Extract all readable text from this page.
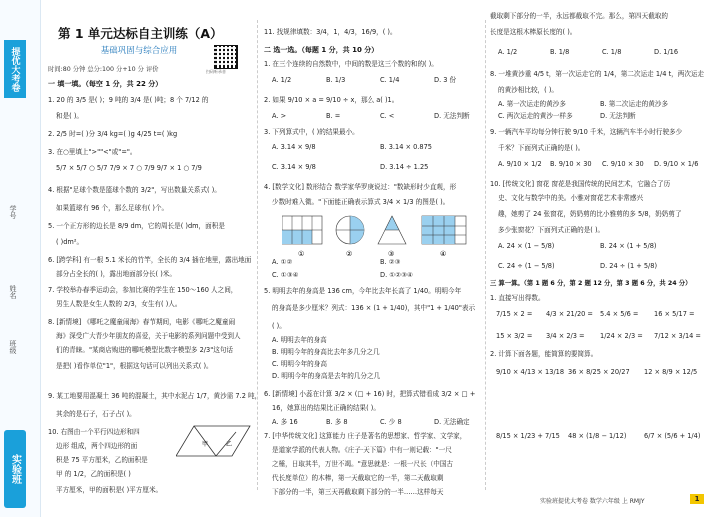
提优大考卷
学号
姓名
班级
实验班
第 1 单元达标自主训练（A）
基础巩固与综合应用
扫码听录音
时间:80 分钟 总分:100 分+10 分 评价
一 填一填。（每空 1 分，共 22 分）
1. 20 的 3/5 是( )；9 吨的 3/4 是( )吨；8 个 7/12 的
和是( )。
2. 2/5 时=( )分 3/4 kg=( )g 4/25 t=( )kg
3. 在○里填上">""<"或"="。
5/7 × 5/7 ○ 5/7 7/9 × 7 ○ 7/9 9/7 × 1 ○ 7/9
4. 根据"足球个数是篮球个数的 3/2"，写出数量关系式( )。
如果篮球有 96 个，那么足球有( )个。
5. 一个正方形的边长是 8/9 dm，它的周长是( )dm，面积是
( )dm²。
6. [跨学科] 有一根 5.1 米长的竹竿，全长的 3/4 插在地里，露出地面
部分占全长的( )，露出地面部分长( )米。
7. 学校举办春季运动会，参加比赛的学生在 150～160 人之间，
男生人数是女生人数的 2/3，女生有( )人。
8. [新情境] 《哪吒之魔童闹海》春节期间，电影《哪吒之魔童闹
海》深受广大青少年朋友的喜爱，关于电影的系列问题中受到人
们的青睐。"某商店购进的哪吒模型比数字模型多 2/3"这句话
是把( )看作单位"1"，根据这句话可以列出关系式( )。
9. 某工地要用混凝土 36 吨的混凝土，其中水泥占 1/7，黄沙需 7.2 吨，
其余的是石子，石子占( )。
10. 右图由一个平行四边形和四
边形 组成，两个四边形的面
积是 75 平方厘米，乙的面积是
甲 的 1/2，乙的面积是( )
平方厘米，甲的面积是( )平方厘米。
甲	乙
11. 找规律填数：3/4，1，4/3，16/9，( )。
二 选一选。（每题 1 分，共 10 分）
1. 在三个连续的自然数中，中间的数是这三个数的和的( )。
A. 1/2	B. 1/3	C. 1/4	D. 3 份
2. 如果 9/10 × a = 9/10 ÷ x，那么 a( )1。
A. >	B. =	C. <	D. 无法判断
3. 下列算式中，( )的结果最小。
A. 3.14 × 9/8	B. 3.14 × 0.875
C. 3.14 × 9/8	D. 3.14 ÷ 1.25
4. [数学文化] 数形结合 数学家华罗庚说过："数缺形时少直观，形
少数时难入微。"下面能正确表示算式 3/4 × 1/3 的图是( )。
①	②	③	④
A. ①②	B. ②③
C. ①③④	D. ①②③④
5. 明明去年的身高是 136 cm，今年比去年长高了 1/40。明明今年
的身高是多少厘米？列式：136 × (1 + 1/40)，其中"1 + 1/40"表示
( )。
A. 明明去年的身高
B. 明明今年的身高比去年多几分之几
C. 明明今年的身高
D. 明明今年的身高是去年的几分之几
6. [新情境] 小蕊在计算 3/2 × (□ + 16) 时，把算式错看成 3/2 × □ +
16，她算出的结果比正确的结果( )。
A. 多 16	B. 多 8	C. 少 8	D. 无法确定
7. [中华传统文化] 这算能力 庄子是著名的思想家、哲学家、文学家，
是道家学派的代表人物。《庄子·天下篇》中有一则记载："一尺
之棰，日取其半，万世不竭。"意思就是：一根一尺长（中国古
代长度单位）的木棒，第一天截取它的一半，第二天截取剩
下部分的一半，第三天再截取剩下部分的一半……这样每天
截取剩下部分的一半，永远都截取不完。那么，第四天截取的
长度是这根木棒原长度的( )。
A. 1/2	B. 1/8	C. 1/8	D. 1/16
8. 一堆黄沙重 4/5 t，第一次运走它的 1/4，第二次运走 1/4 t，两次运走
的黄沙相比较，( )。
A. 第一次运走的黄沙多	B. 第二次运走的黄沙多
C. 两次运走的黄沙一样多	D. 无法判断
9. 一辆汽车平均每分钟行驶 9/10 千米，这辆汽车半小时行驶多少
千米？下面列式正确的是( )。
A. 9/10 × 1/2 B. 9/10 × 30 C. 9/10 × 30 D. 9/10 × 1/6
10. [传统文化] 窗花 窗花是我国传统的民间艺术，它融合了历
史、文化与数学中的美。小雅对窗花艺术非常感兴
趣，她剪了 24 张窗花，奶奶剪的比小雅剪的多 5/8，奶奶剪了
多少张窗花？下面列式正确的是( )。
A. 24 × (1 − 5/8)	B. 24 × (1 + 5/8)
C. 24 ÷ (1 − 5/8)	D. 24 ÷ (1 + 5/8)
三 算一算。（第 1 题 6 分，第 2 题 12 分，第 3 题 6 分，共 24 分）
1. 直接写出得数。
7/15 × 2 = 4/3 × 21/20 = 5.4 × 5/6 = 16 × 5/17 =
15 × 3/2 = 3/4 × 2/3 = 1/24 × 2/3 = 7/12 × 3/14 =
2. 计算下面各题，能简算的要简算。
9/10 × 4/13 × 13/18 36 × 8/25 × 20/27 12 × 8/9 × 12/5
8/15 × 1/23 + 7/15 48 × (1/8 − 1/12)	6/7 × (5/6 + 1/4)
实验班提优大考卷 数学六年级 上 RMJY	1
